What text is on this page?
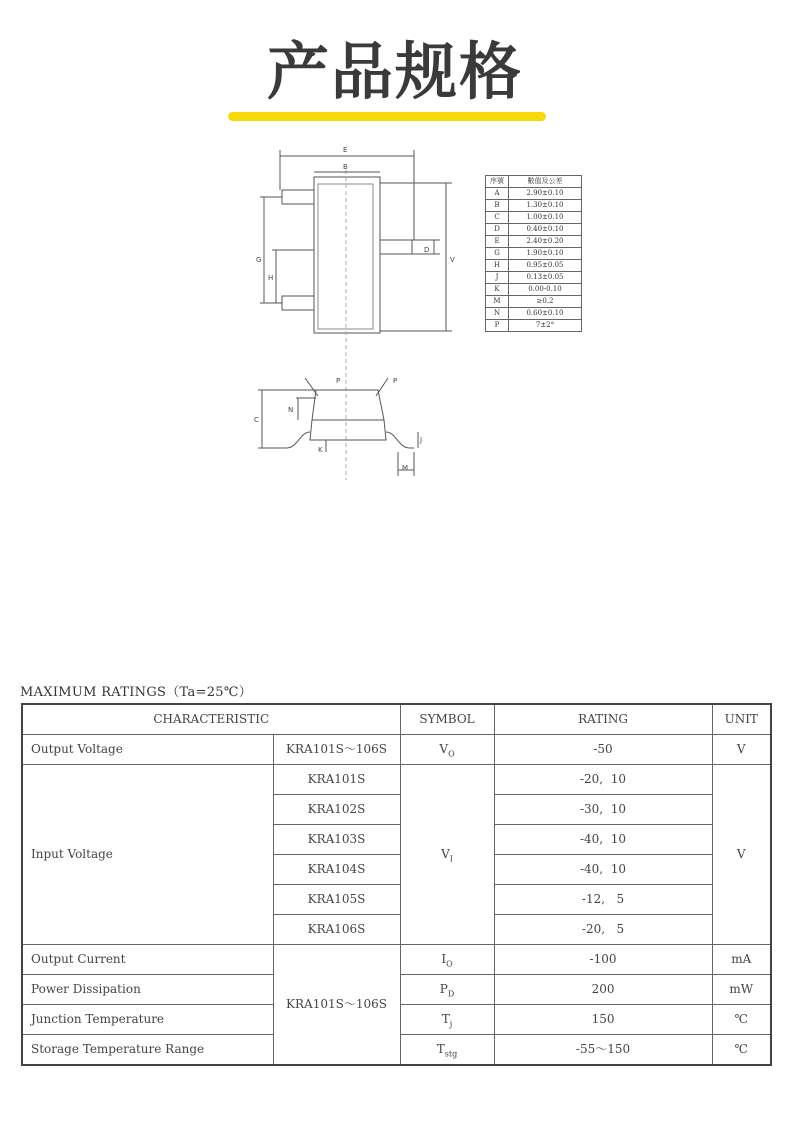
产品规格
E
B
V
G
H
D
P	P
C
N
K
J
M
序號	數值及公差
A	2.90±0.10
B	1.30±0.10
C	1.00±0.10
D	0.40±0.10
E	2.40±0.20
G	1.90±0.10
H	0.95±0.05
J	0.13±0.05
K	0.00-0.10
M	≥0.2
N	0.60±0.10
P	7±2°
MAXIMUM RATINGS（Ta=25℃）
CHARACTERISTIC		SYMBOL	RATING	UNIT
Output Voltage	KRA101S～106S	$V_O$	-50	V
Input Voltage	KRA101S	$V_I$	-20,  10	V
	KRA102S		-30,  10	
	KRA103S		-40,  10	
	KRA104S		-40,  10	
	KRA105S		-12,   5	
	KRA106S		-20,   5	
Output Current	KRA101S～106S	$I_O$	-100	mA
Power Dissipation		$P_D$	200	mW
Junction Temperature		$T_j$	150	℃
Storage Temperature Range		$T_{stg}$	-55～150	℃
